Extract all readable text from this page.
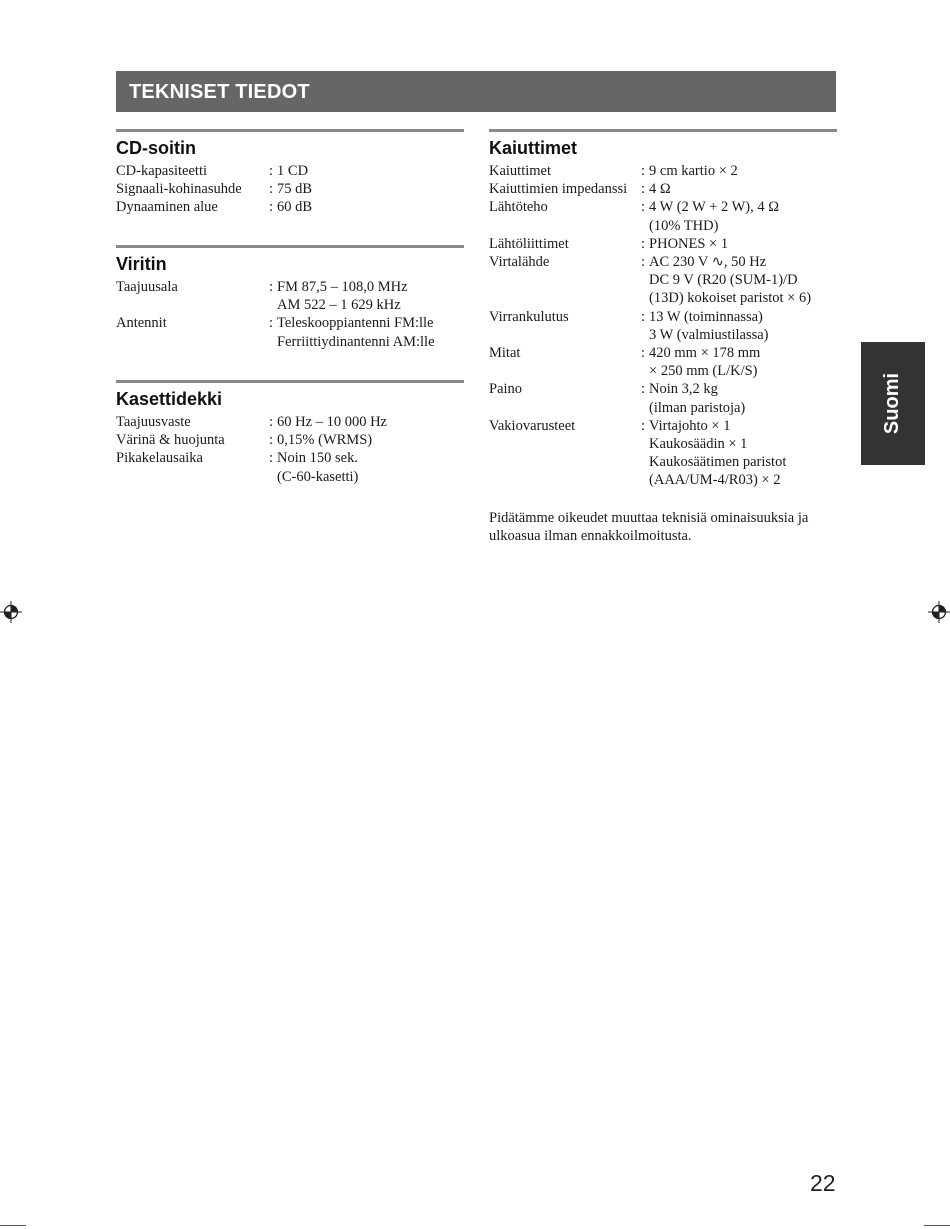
TEKNISET TIEDOT
CD-soitin
CD-kapasiteetti	: 1 CD
Signaali-kohinasuhde	: 75 dB
Dynaaminen alue	: 60 dB
Viritin
Taajuusala	: FM 87,5 – 108,0 MHz
AM 522 – 1 629 kHz
Antennit	: Teleskooppiantenni FM:lle
Ferriittiydinantenni AM:lle
Kasettidekki
Taajuusvaste	: 60 Hz – 10 000 Hz
Värinä & huojunta	: 0,15% (WRMS)
Pikakelausaika	: Noin 150 sek.
(C-60-kasetti)
Kaiuttimet
Kaiuttimet	: 9 cm kartio × 2
Kaiuttimien impedanssi : 4 Ω
Lähtöteho	: 4 W (2 W + 2 W), 4 Ω
(10% THD)
Lähtöliittimet	: PHONES × 1
Virtalähde	: AC 230 V ∿, 50 Hz
DC 9 V (R20 (SUM-1)/D
(13D) kokoiset paristot × 6)
Virrankulutus	: 13 W (toiminnassa)
3 W (valmiustilassa)
Mitat	: 420 mm × 178 mm
× 250 mm (L/K/S)
Paino	: Noin 3,2 kg
(ilman paristoja)
Vakiovarusteet	: Virtajohto × 1
Kaukosäädin × 1
Kaukosäätimen paristot
(AAA/UM-4/R03) × 2
Pidätämme oikeudet muuttaa teknisiä ominaisuuksia ja ulkoasua ilman ennakkoilmoitusta.
Suomi
22
